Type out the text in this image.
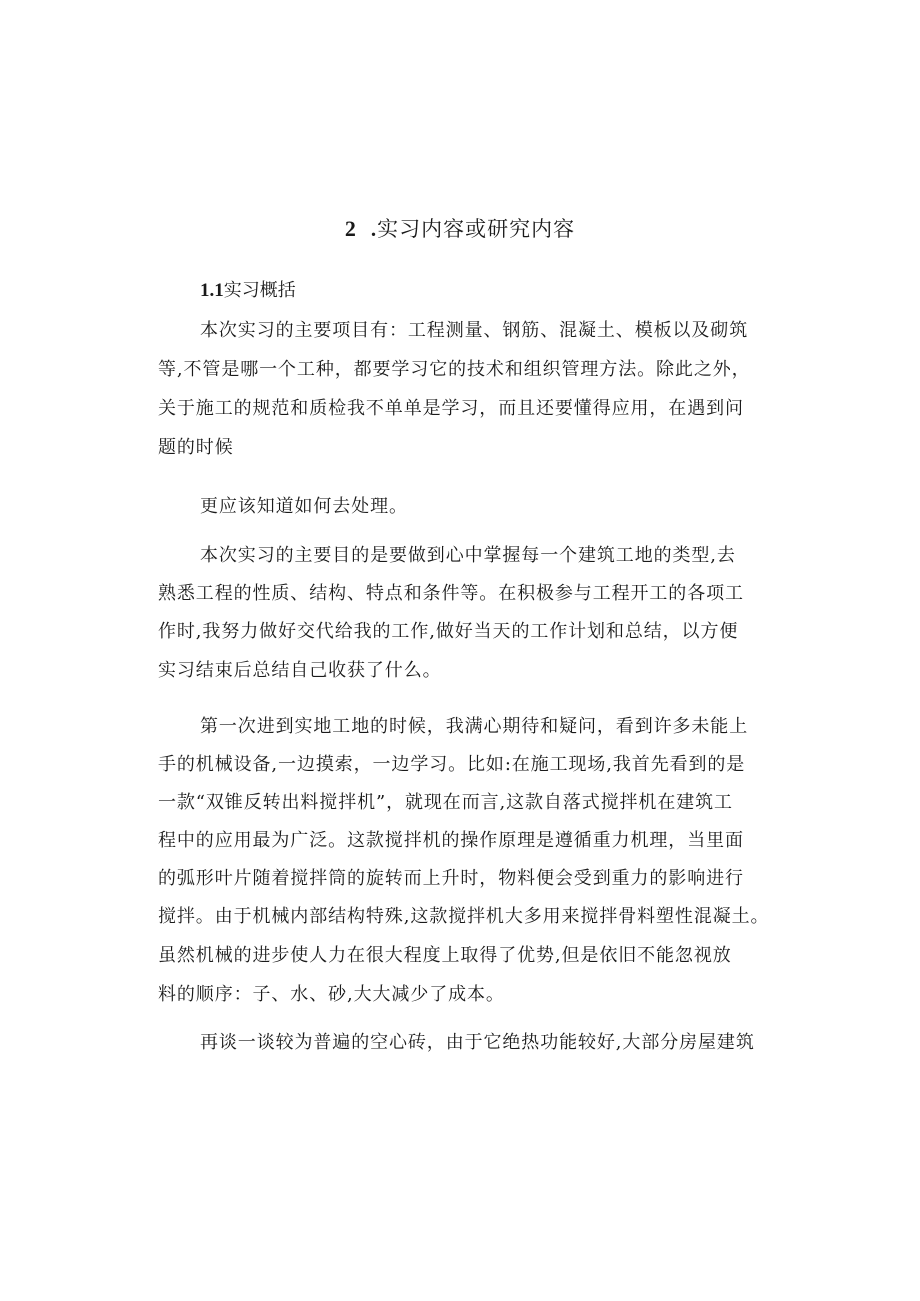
2 .实习内容或研究内容
1.1实习概括
本次实习的主要项目有：工程测量、钢筋、混凝土、模板以及砌筑
等,不管是哪一个工种，都要学习它的技术和组织管理方法。除此之外，
关于施工的规范和质检我不单单是学习，而且还要懂得应用，在遇到问
题的时候
更应该知道如何去处理。
本次实习的主要目的是要做到心中掌握每一个建筑工地的类型,去
熟悉工程的性质、结构、特点和条件等。在积极参与工程开工的各项工
作时,我努力做好交代给我的工作,做好当天的工作计划和总结，以方便
实习结束后总结自己收获了什么。
第一次进到实地工地的时候，我满心期待和疑问，看到许多未能上
手的机械设备,一边摸索，一边学习。比如:在施工现场,我首先看到的是
一款“双锥反转出料搅拌机”，就现在而言,这款自落式搅拌机在建筑工
程中的应用最为广泛。这款搅拌机的操作原理是遵循重力机理，当里面
的弧形叶片随着搅拌筒的旋转而上升时，物料便会受到重力的影响进行
搅拌。由于机械内部结构特殊,这款搅拌机大多用来搅拌骨料塑性混凝土。
虽然机械的进步使人力在很大程度上取得了优势,但是依旧不能忽视放
料的顺序：子、水、砂,大大减少了成本。
再谈一谈较为普遍的空心砖，由于它绝热功能较好,大部分房屋建筑
